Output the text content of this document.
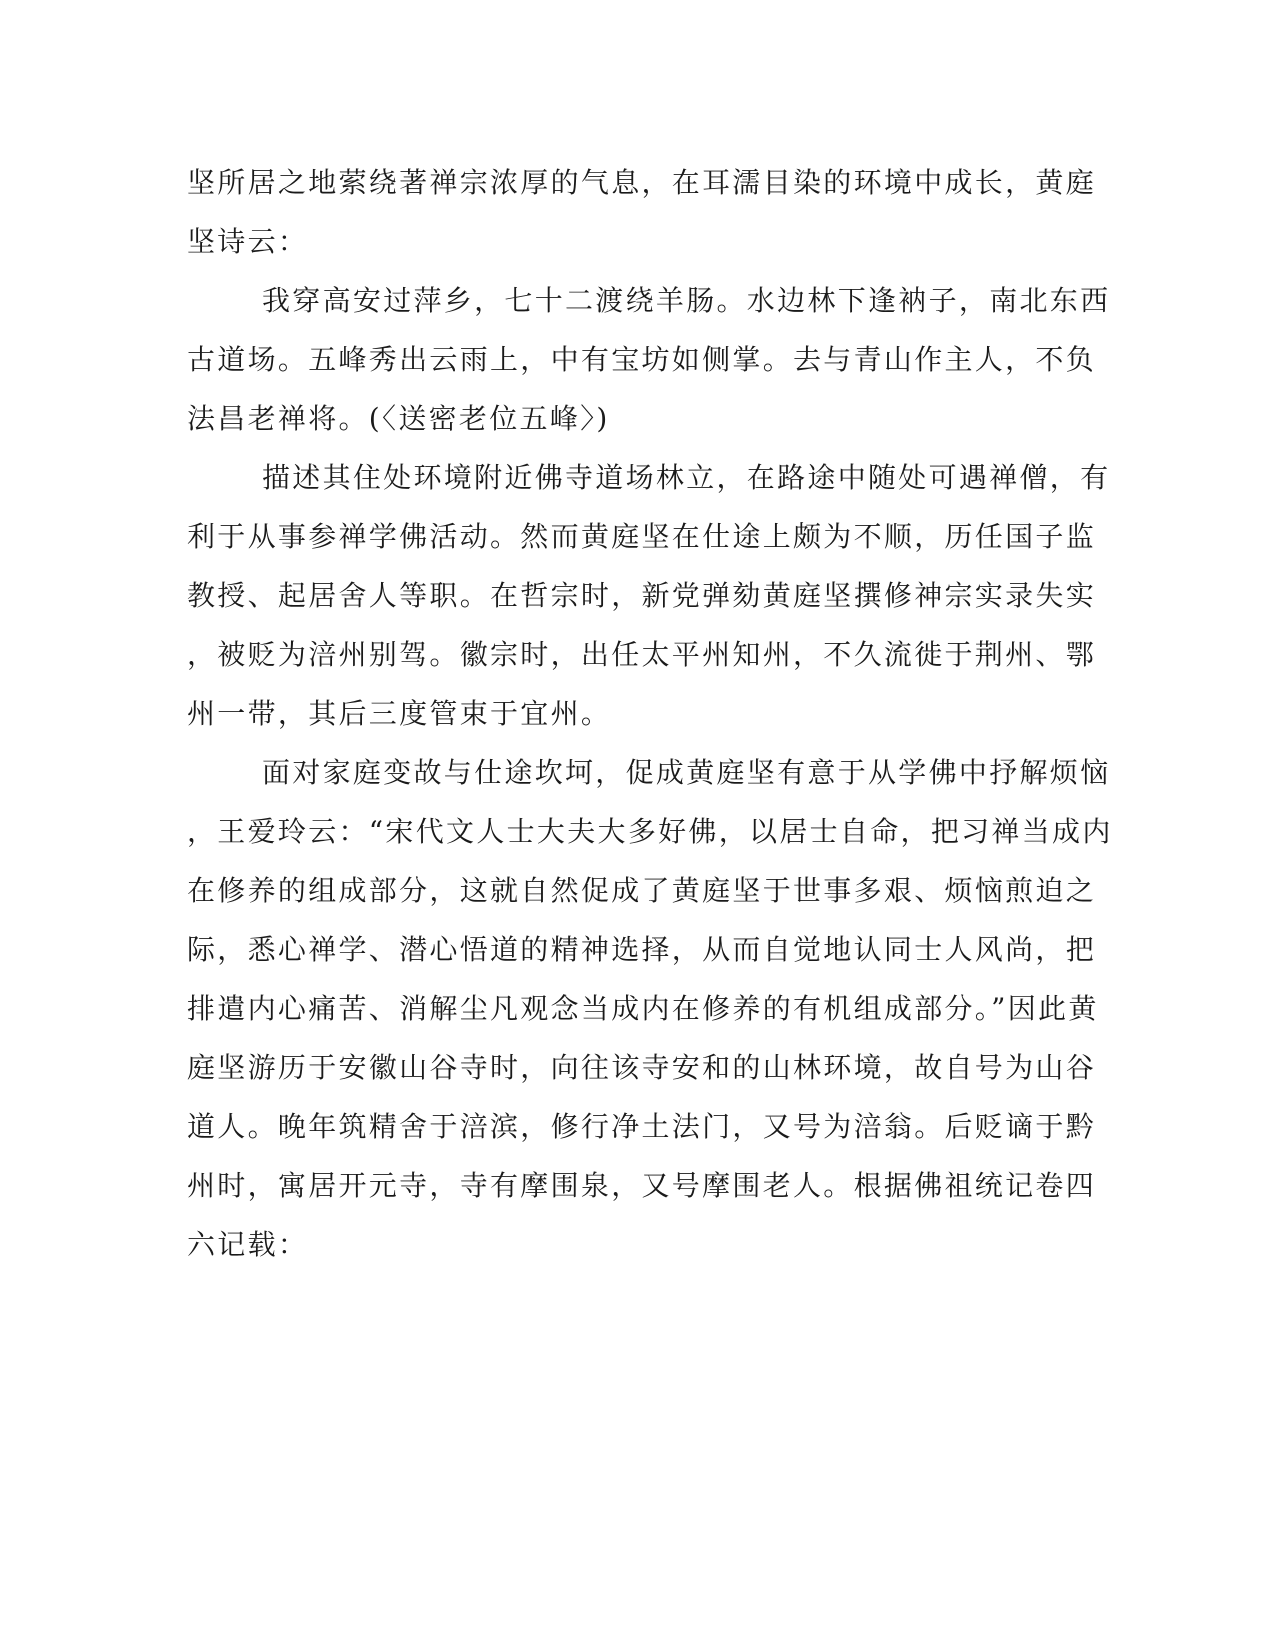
坚所居之地萦绕著禅宗浓厚的气息，在耳濡目染的环境中成长，黄庭

坚诗云：

我穿高安过萍乡，七十二渡绕羊肠。水边林下逢衲子，南北东西

古道场。五峰秀出云雨上，中有宝坊如侧掌。去与青山作主人，不负

法昌老禅将。(〈送密老位五峰〉)

描述其住处环境附近佛寺道场林立，在路途中随处可遇禅僧，有

利于从事参禅学佛活动。然而黄庭坚在仕途上颇为不顺，历任国子监

教授、起居舍人等职。在哲宗时，新党弹劾黄庭坚撰修神宗实录失实

，被贬为涪州别驾。徽宗时，出任太平州知州，不久流徙于荆州、鄂

州一带，其后三度管束于宜州。

面对家庭变故与仕途坎坷，促成黄庭坚有意于从学佛中抒解烦恼

，王爱玲云：“宋代文人士大夫大多好佛，以居士自命，把习禅当成内

在修养的组成部分，这就自然促成了黄庭坚于世事多艰、烦恼煎迫之

际，悉心禅学、潜心悟道的精神选择，从而自觉地认同士人风尚，把

排遣内心痛苦、消解尘凡观念当成内在修养的有机组成部分。”因此黄

庭坚游历于安徽山谷寺时，向往该寺安和的山林环境，故自号为山谷

道人。晚年筑精舍于涪滨，修行净土法门，又号为涪翁。后贬谪于黔

州时，寓居开元寺，寺有摩围泉，又号摩围老人。根据佛祖统记卷四

六记载：
